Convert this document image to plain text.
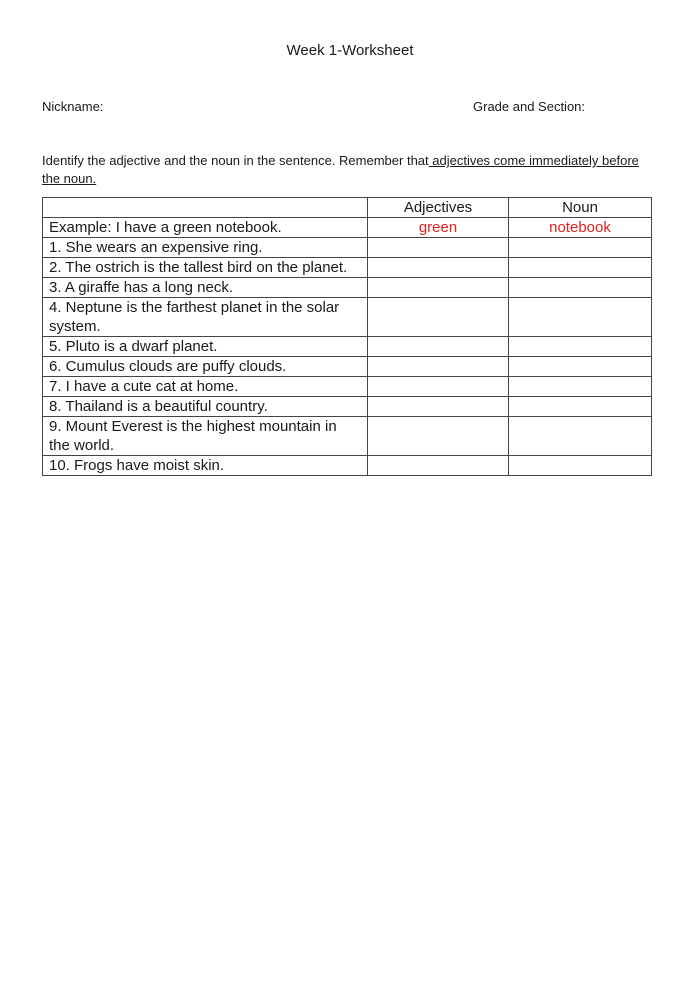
Week 1-Worksheet
Nickname:	Grade and Section:
Identify the adjective and the noun in the sentence. Remember that adjectives come immediately before the noun.
	Adjectives	Noun
Example: I have a green notebook.	green	notebook
1. She wears an expensive ring.		
2. The ostrich is the tallest bird on the planet.		
3. A giraffe has a long neck.		
4. Neptune is the farthest planet in the solar system.		
5. Pluto is a dwarf planet.		
6. Cumulus clouds are puffy clouds.		
7. I have a cute cat at home.		
8. Thailand is a beautiful country.		
9. Mount Everest is the highest mountain in the world.		
10. Frogs have moist skin.		
